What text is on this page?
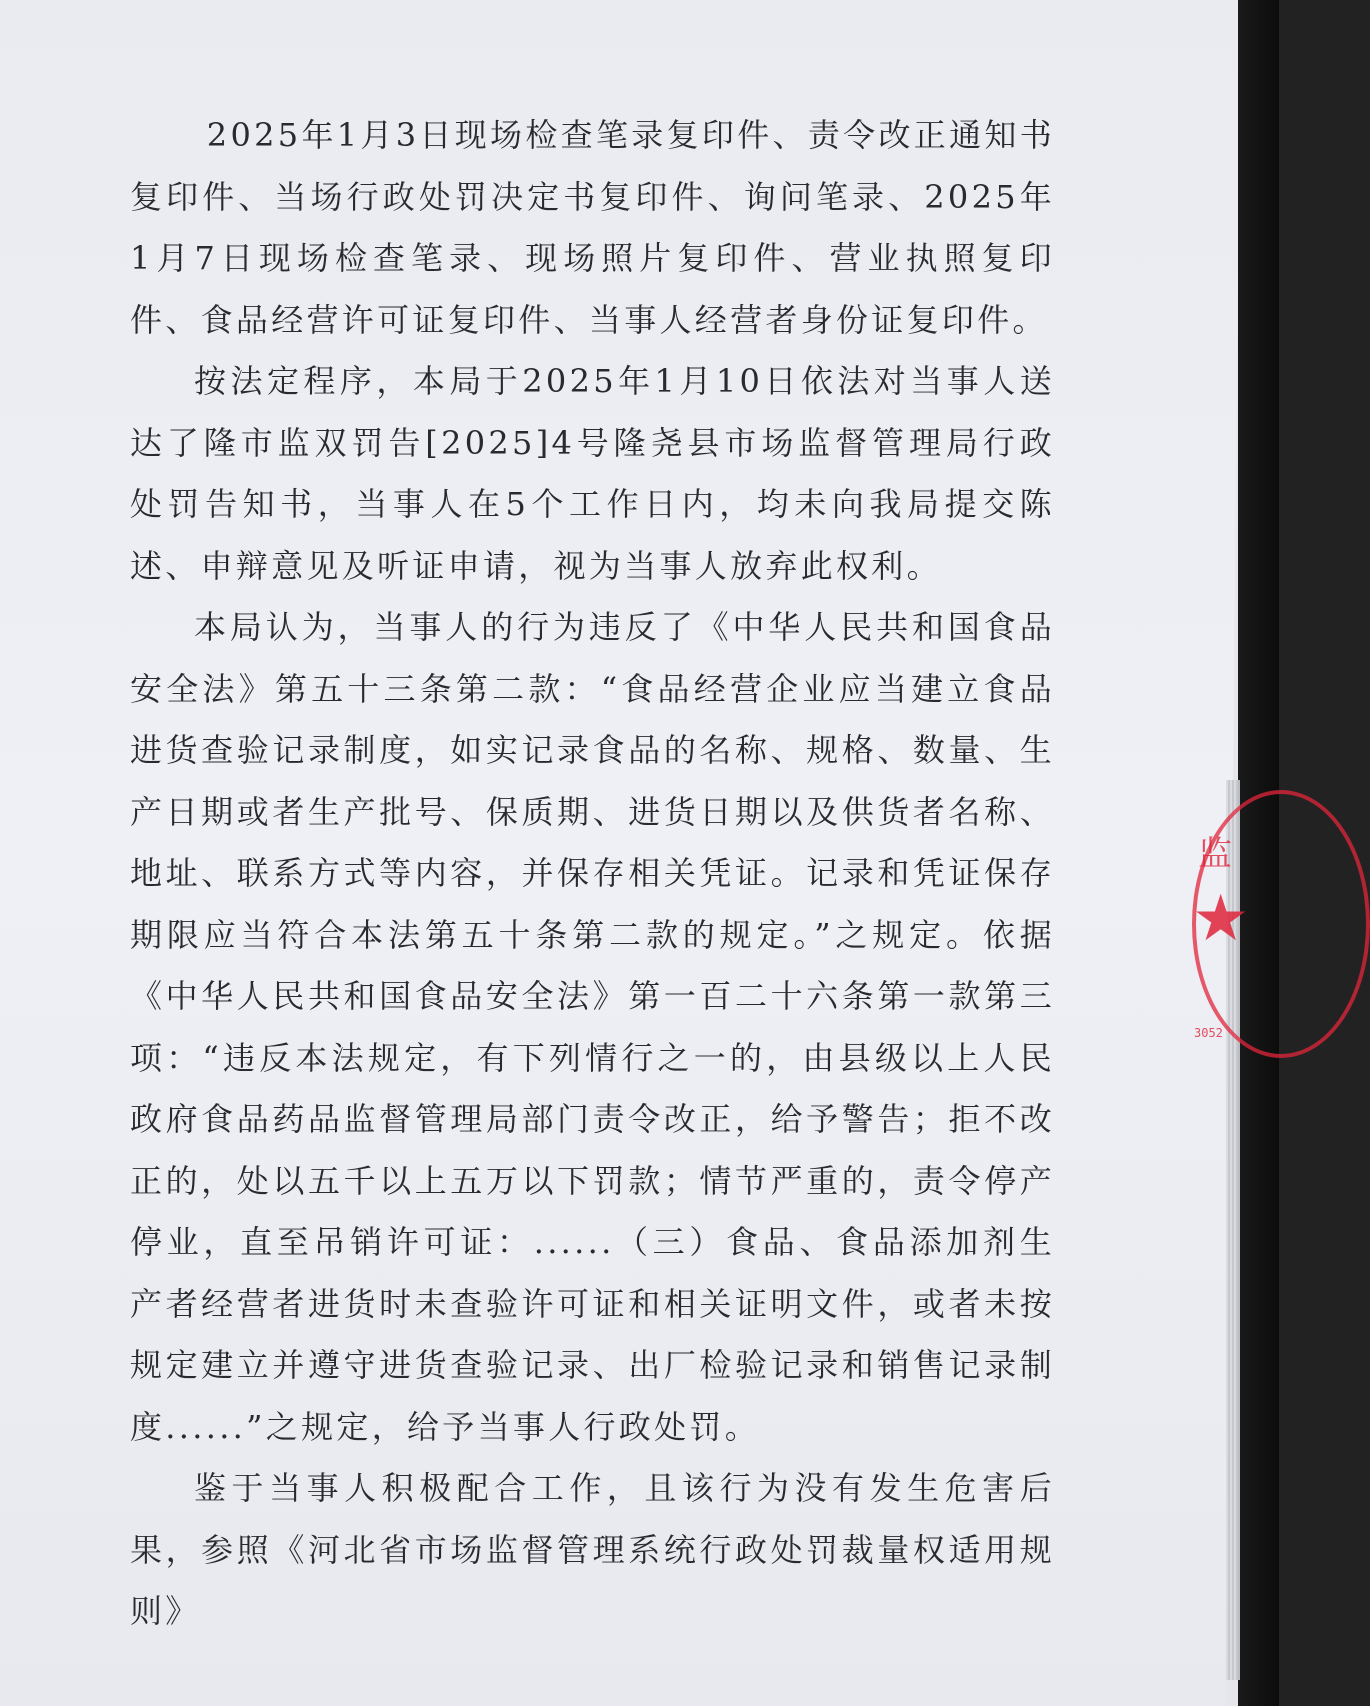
2025年1月3日现场检查笔录复印件、责令改正通知书复印件、当场行政处罚决定书复印件、询问笔录、2025年1月7日现场检查笔录、现场照片复印件、营业执照复印件、食品经营许可证复印件、当事人经营者身份证复印件。

按法定程序，本局于2025年1月10日依法对当事人送达了隆市监双罚告[2025]4号隆尧县市场监督管理局行政处罚告知书，当事人在5个工作日内，均未向我局提交陈述、申辩意见及听证申请，视为当事人放弃此权利。

本局认为，当事人的行为违反了《中华人民共和国食品安全法》第五十三条第二款：“食品经营企业应当建立食品进货查验记录制度，如实记录食品的名称、规格、数量、生产日期或者生产批号、保质期、进货日期以及供货者名称、地址、联系方式等内容，并保存相关凭证。记录和凭证保存期限应当符合本法第五十条第二款的规定。”之规定。依据《中华人民共和国食品安全法》第一百二十六条第一款第三项：“违反本法规定，有下列情行之一的，由县级以上人民政府食品药品监督管理局部门责令改正，给予警告；拒不改正的，处以五千以上五万以下罚款；情节严重的，责令停产停业，直至吊销许可证：......（三）食品、食品添加剂生产者经营者进货时未查验许可证和相关证明文件，或者未按规定建立并遵守进货查验记录、出厂检验记录和销售记录制度......”之规定，给予当事人行政处罚。

鉴于当事人积极配合工作，且该行为没有发生危害后果，参照《河北省市场监督管理系统行政处罚裁量权适用规则》

监
★
3052
